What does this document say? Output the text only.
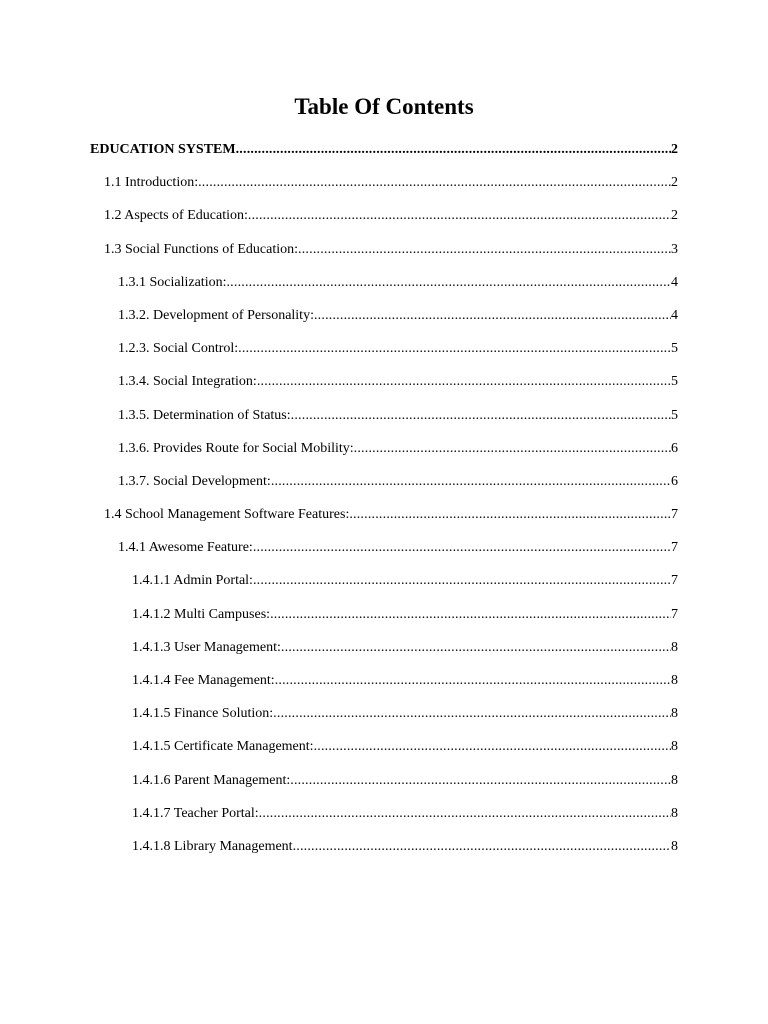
Table Of Contents
EDUCATION SYSTEM .....	2
1.1 Introduction: .....	2
1.2 Aspects of Education: .....	2
1.3 Social Functions of Education: .....	3
1.3.1 Socialization: .....	4
1.3.2. Development of Personality: .....	4
1.2.3. Social Control: .....	5
1.3.4. Social Integration: .....	5
1.3.5. Determination of Status: .....	5
1.3.6. Provides Route for Social Mobility: .....	6
1.3.7. Social Development: .....	6
1.4 School Management Software Features: .....	7
1.4.1 Awesome Feature: .....	7
1.4.1.1 Admin Portal: .....	7
1.4.1.2 Multi Campuses: .....	7
1.4.1.3 User Management: .....	8
1.4.1.4 Fee Management: .....	8
1.4.1.5 Finance Solution: .....	8
1.4.1.5 Certificate Management: .....	8
1.4.1.6 Parent Management: .....	8
1.4.1.7 Teacher Portal: .....	8
1.4.1.8 Library Management .....	8
